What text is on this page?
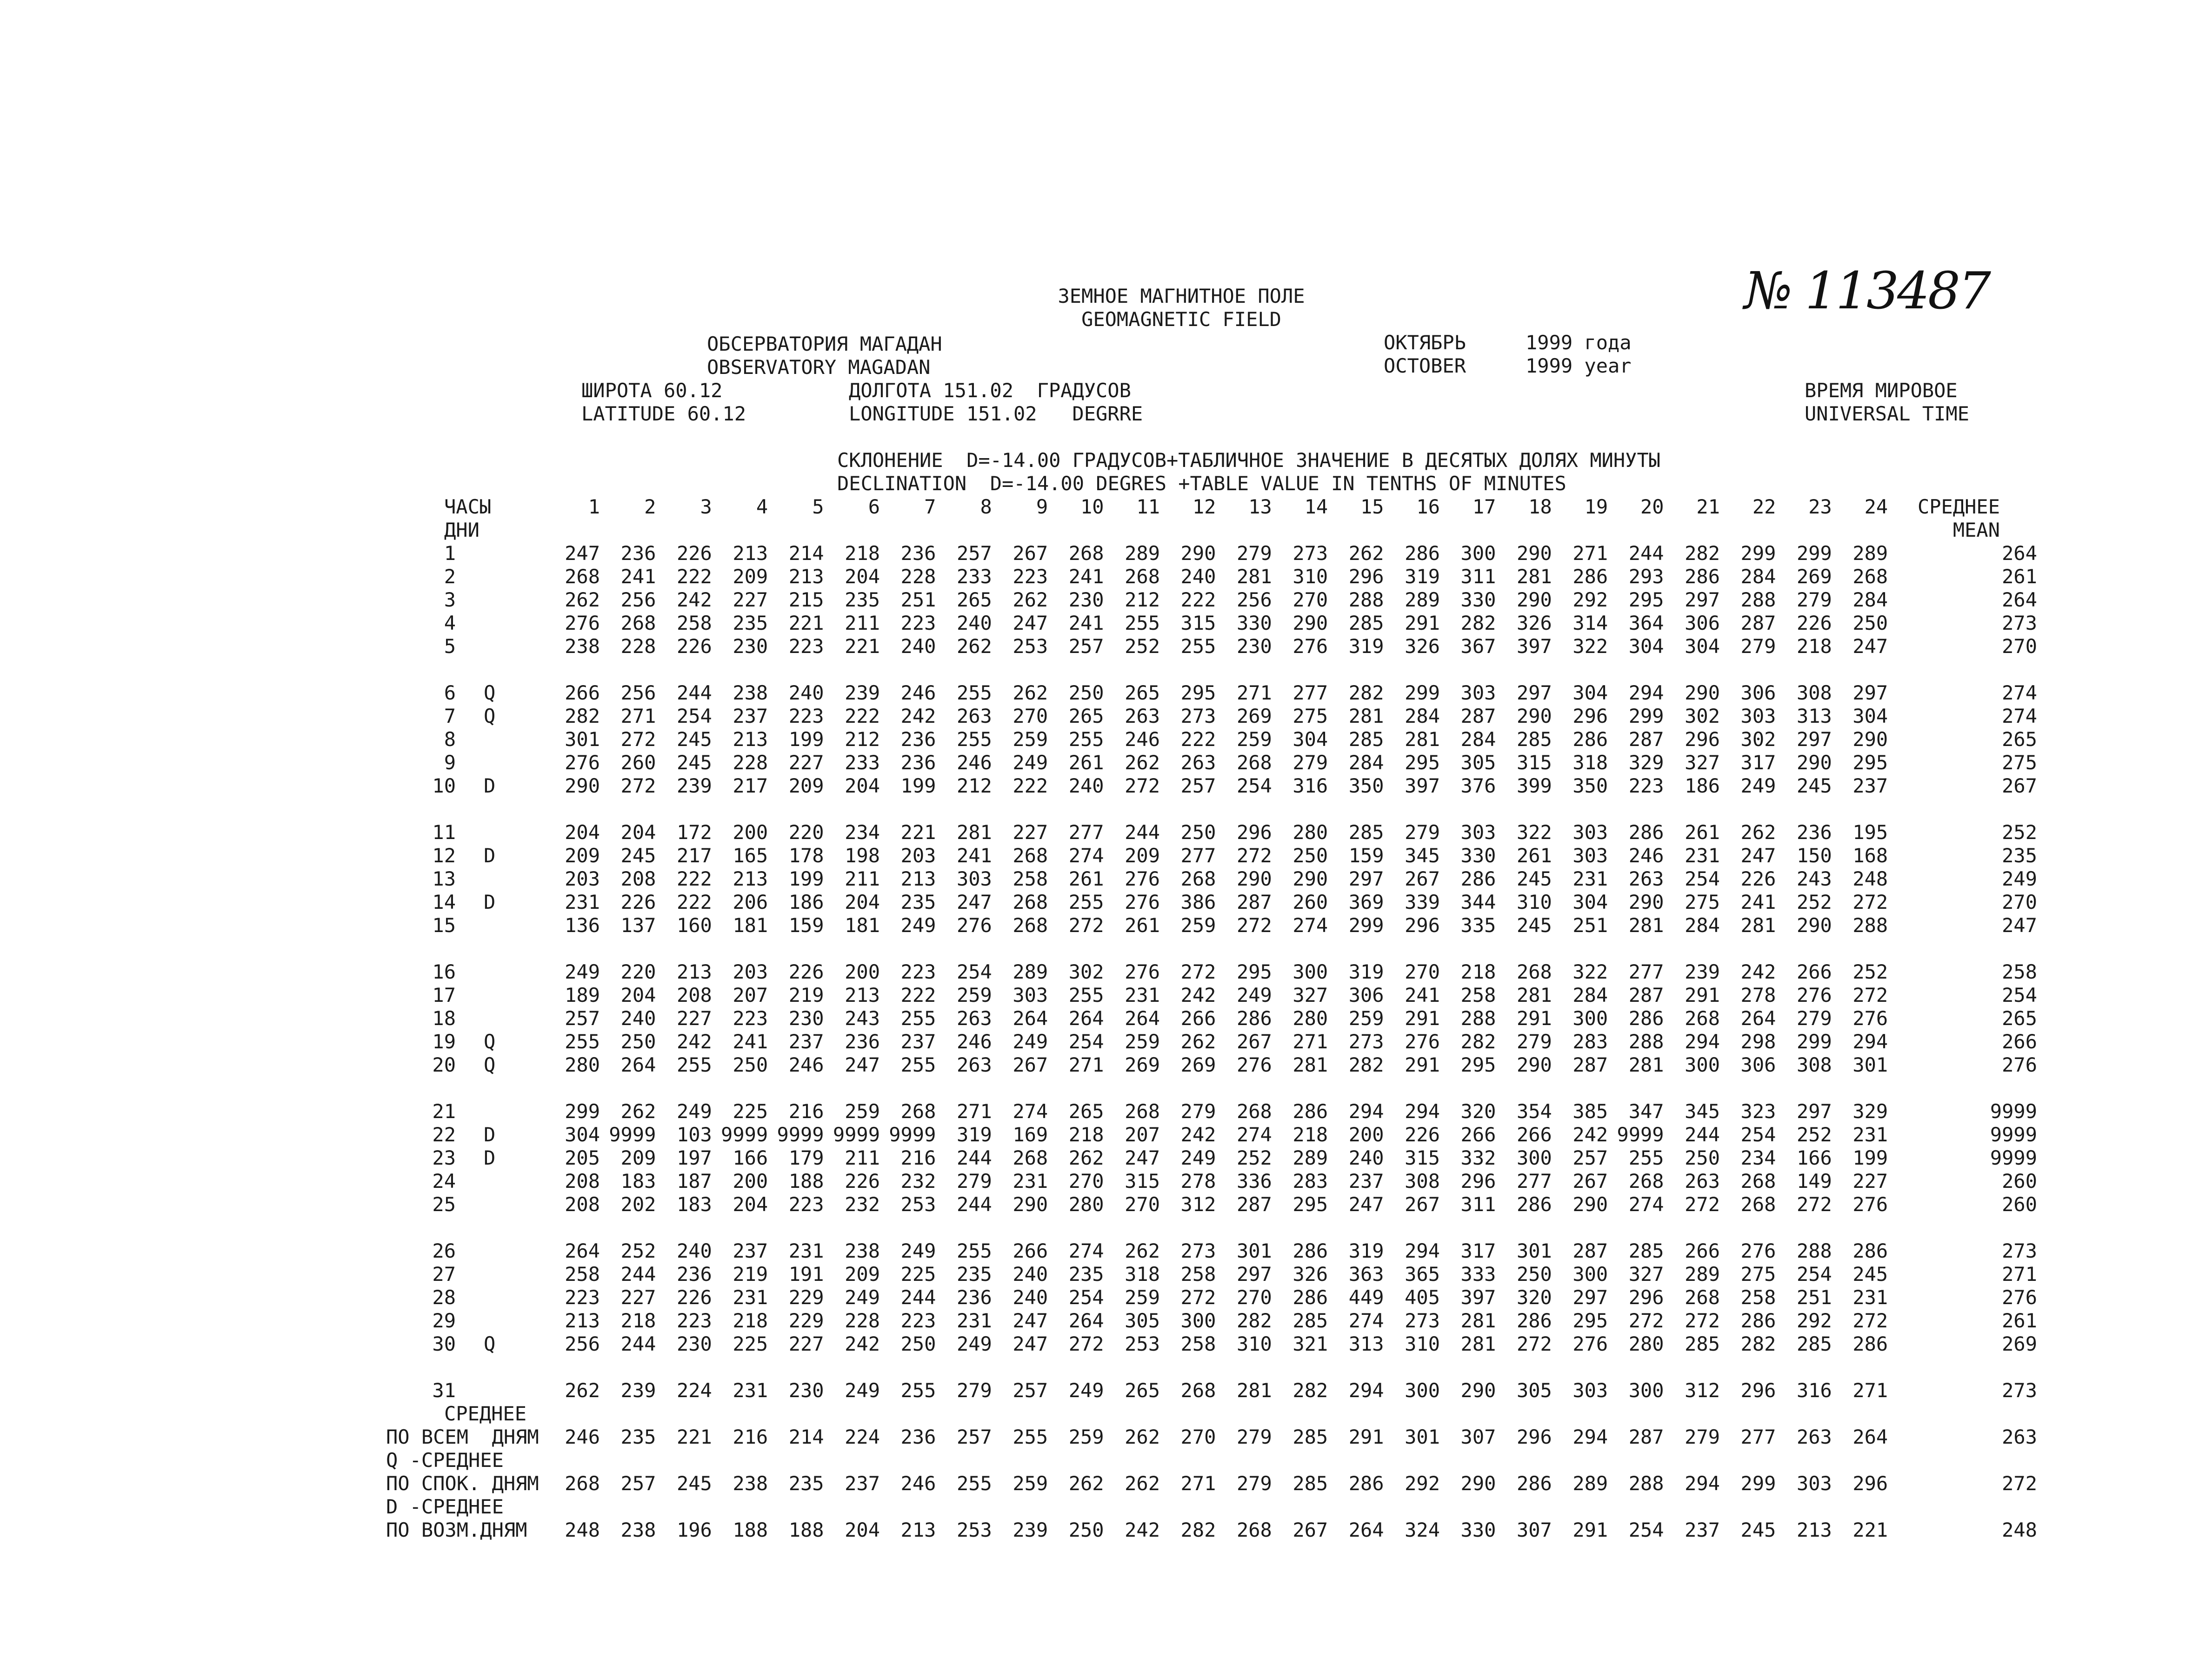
ЗЕМНОЕ МАГНИТНОЕ ПОЛЕ
GEOMAGNETIC FIELD	№ 113487
ОБСЕРВАТОРИЯ МАГАДАН
OBSERVATORY MAGADAN
ОКТЯБРЬ
OCTOBER
1999 года
1999 year
ШИРОТА 60.12
LATITUDE 60.12
ДОЛГОТА 151.02  ГРАДУСОВ
LONGITUDE 151.02   DEGRRE
ВРЕМЯ МИРОВОЕ
UNIVERSAL TIME
СКЛОНЕНИЕ  D=-14.00 ГРАДУСОВ+ТАБЛИЧНОЕ ЗНАЧЕНИЕ В ДЕСЯТЫХ ДОЛЯХ МИНУТЫ
DECLINATION  D=-14.00 DEGRES +TABLE VALUE IN TENTHS OF MINUTES
ЧАСЫ
ДНИ
СРЕДНЕЕ
MEAN
1	2	3	4	5	6	7	8	9	10	11	12	13	14	15	16	17	18	19	20	21	22	23	24
1	247	236	226	213	214	218	236	257	267	268	289	290	279	273	262	286	300	290	271	244	282	299	299	289	264
2	268	241	222	209	213	204	228	233	223	241	268	240	281	310	296	319	311	281	286	293	286	284	269	268	261
3	262	256	242	227	215	235	251	265	262	230	212	222	256	270	288	289	330	290	292	295	297	288	279	284	264
4	276	268	258	235	221	211	223	240	247	241	255	315	330	290	285	291	282	326	314	364	306	287	226	250	273
5	238	228	226	230	223	221	240	262	253	257	252	255	230	276	319	326	367	397	322	304	304	279	218	247	270
6 Q	266	256	244	238	240	239	246	255	262	250	265	295	271	277	282	299	303	297	304	294	290	306	308	297	274
7 Q	282	271	254	237	223	222	242	263	270	265	263	273	269	275	281	284	287	290	296	299	302	303	313	304	274
8	301	272	245	213	199	212	236	255	259	255	246	222	259	304	285	281	284	285	286	287	296	302	297	290	265
9	276	260	245	228	227	233	236	246	249	261	262	263	268	279	284	295	305	315	318	329	327	317	290	295	275
10 D	290	272	239	217	209	204	199	212	222	240	272	257	254	316	350	397	376	399	350	223	186	249	245	237	267
11	204	204	172	200	220	234	221	281	227	277	244	250	296	280	285	279	303	322	303	286	261	262	236	195	252
12 D	209	245	217	165	178	198	203	241	268	274	209	277	272	250	159	345	330	261	303	246	231	247	150	168	235
13	203	208	222	213	199	211	213	303	258	261	276	268	290	290	297	267	286	245	231	263	254	226	243	248	249
14 D	231	226	222	206	186	204	235	247	268	255	276	386	287	260	369	339	344	310	304	290	275	241	252	272	270
15	136	137	160	181	159	181	249	276	268	272	261	259	272	274	299	296	335	245	251	281	284	281	290	288	247
16	249	220	213	203	226	200	223	254	289	302	276	272	295	300	319	270	218	268	322	277	239	242	266	252	258
17	189	204	208	207	219	213	222	259	303	255	231	242	249	327	306	241	258	281	284	287	291	278	276	272	254
18	257	240	227	223	230	243	255	263	264	264	264	266	286	280	259	291	288	291	300	286	268	264	279	276	265
19 Q	255	250	242	241	237	236	237	246	249	254	259	262	267	271	273	276	282	279	283	288	294	298	299	294	266
20 Q	280	264	255	250	246	247	255	263	267	271	269	269	276	281	282	291	295	290	287	281	300	306	308	301	276
21	299	262	249	225	216	259	268	271	274	265	268	279	268	286	294	294	320	354	385	347	345	323	297	329	9999
22 D	304 9999	103 9999 9999 9999 9999	319	169	218	207	242	274	218	200	226	266	266	242 9999	244	254	252	231	9999
23 D	205	209	197	166	179	211	216	244	268	262	247	249	252	289	240	315	332	300	257	255	250	234	166	199	9999
24	208	183	187	200	188	226	232	279	231	270	315	278	336	283	237	308	296	277	267	268	263	268	149	227	260
25	208	202	183	204	223	232	253	244	290	280	270	312	287	295	247	267	311	286	290	274	272	268	272	276	260
26	264	252	240	237	231	238	249	255	266	274	262	273	301	286	319	294	317	301	287	285	266	276	288	286	273
27	258	244	236	219	191	209	225	235	240	235	318	258	297	326	363	365	333	250	300	327	289	275	254	245	271
28	223	227	226	231	229	249	244	236	240	254	259	272	270	286	449	405	397	320	297	296	268	258	251	231	276
29	213	218	223	218	229	228	223	231	247	264	305	300	282	285	274	273	281	286	295	272	272	286	292	272	261
30 Q	256	244	230	225	227	242	250	249	247	272	253	258	310	321	313	310	281	272	276	280	285	282	285	286	269
31	262	239	224	231	230	249	255	279	257	249	265	268	281	282	294	300	290	305	303	300	312	296	316	271	273
СРЕДНЕЕ
ПО ВСЕМ  ДНЯМ	246	235	221	216	214	224	236	257	255	259	262	270	279	285	291	301	307	296	294	287	279	277	263	264	263
Q -СРЕДНЕЕ
ПО СПОК. ДНЯМ	268	257	245	238	235	237	246	255	259	262	262	271	279	285	286	292	290	286	289	288	294	299	303	296	272
D -СРЕДНЕЕ
ПО ВОЗМ.ДНЯМ	248	238	196	188	188	204	213	253	239	250	242	282	268	267	264	324	330	307	291	254	237	245	213	221	248
